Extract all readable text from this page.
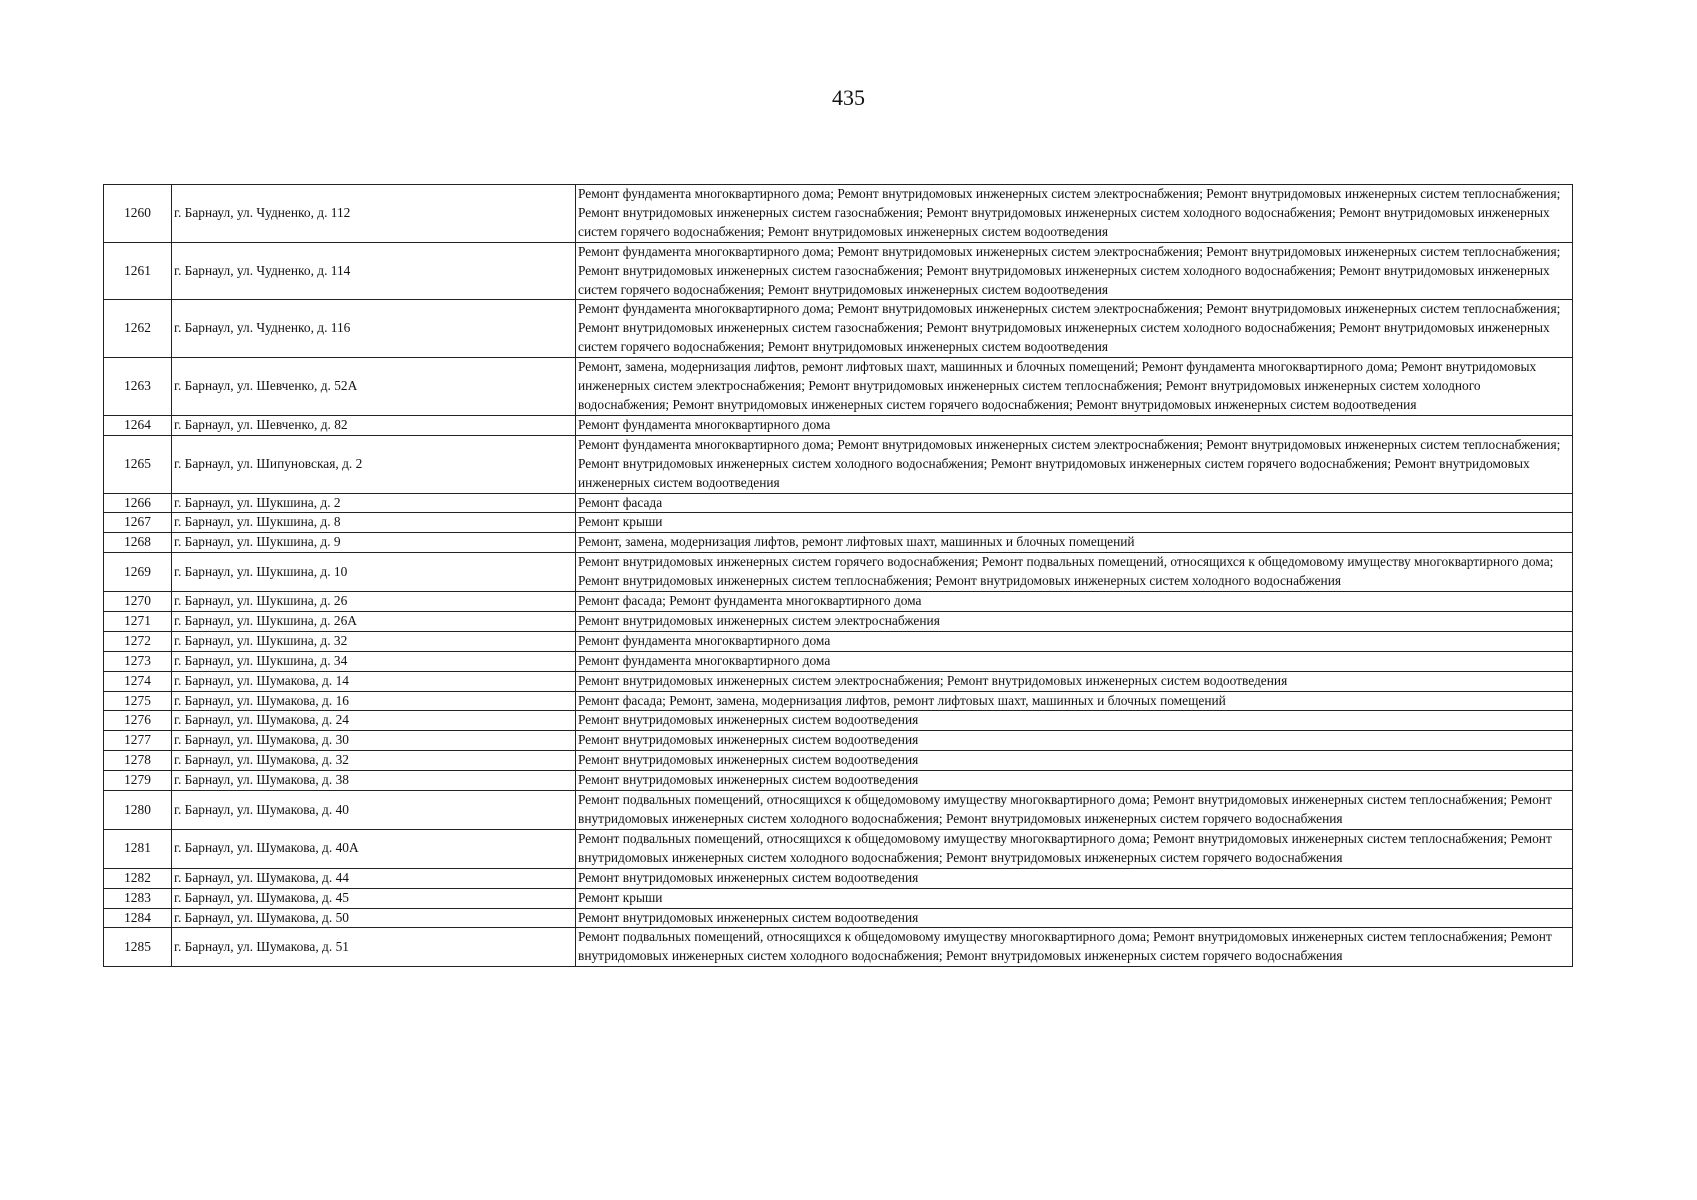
435
1260	г. Барнаул, ул. Чудненко, д. 112	Ремонт фундамента многоквартирного дома; Ремонт внутридомовых инженерных систем электроснабжения; Ремонт внутридомовых инженерных систем теплоснабжения; Ремонт внутридомовых инженерных систем газоснабжения; Ремонт внутридомовых инженерных систем холодного водоснабжения; Ремонт внутридомовых инженерных систем горячего водоснабжения; Ремонт внутридомовых инженерных систем водоотведения
1261	г. Барнаул, ул. Чудненко, д. 114	Ремонт фундамента многоквартирного дома; Ремонт внутридомовых инженерных систем электроснабжения; Ремонт внутридомовых инженерных систем теплоснабжения; Ремонт внутридомовых инженерных систем газоснабжения; Ремонт внутридомовых инженерных систем холодного водоснабжения; Ремонт внутридомовых инженерных систем горячего водоснабжения; Ремонт внутридомовых инженерных систем водоотведения
1262	г. Барнаул, ул. Чудненко, д. 116	Ремонт фундамента многоквартирного дома; Ремонт внутридомовых инженерных систем электроснабжения; Ремонт внутридомовых инженерных систем теплоснабжения; Ремонт внутридомовых инженерных систем газоснабжения; Ремонт внутридомовых инженерных систем холодного водоснабжения; Ремонт внутридомовых инженерных систем горячего водоснабжения; Ремонт внутридомовых инженерных систем водоотведения
1263	г. Барнаул, ул. Шевченко, д. 52А	Ремонт, замена, модернизация лифтов, ремонт лифтовых шахт, машинных и блочных помещений; Ремонт фундамента многоквартирного дома; Ремонт внутридомовых инженерных систем электроснабжения; Ремонт внутридомовых инженерных систем теплоснабжения; Ремонт внутридомовых инженерных систем холодного водоснабжения; Ремонт внутридомовых инженерных систем горячего водоснабжения; Ремонт внутридомовых инженерных систем водоотведения
1264	г. Барнаул, ул. Шевченко, д. 82	Ремонт фундамента многоквартирного дома
1265	г. Барнаул, ул. Шипуновская, д. 2	Ремонт фундамента многоквартирного дома; Ремонт внутридомовых инженерных систем электроснабжения; Ремонт внутридомовых инженерных систем теплоснабжения; Ремонт внутридомовых инженерных систем холодного водоснабжения; Ремонт внутридомовых инженерных систем горячего водоснабжения; Ремонт внутридомовых инженерных систем водоотведения
1266	г. Барнаул, ул. Шукшина, д. 2	Ремонт фасада
1267	г. Барнаул, ул. Шукшина, д. 8	Ремонт крыши
1268	г. Барнаул, ул. Шукшина, д. 9	Ремонт, замена, модернизация лифтов, ремонт лифтовых шахт, машинных и блочных помещений
1269	г. Барнаул, ул. Шукшина, д. 10	Ремонт внутридомовых инженерных систем горячего водоснабжения; Ремонт подвальных помещений, относящихся к общедомовому имуществу многоквартирного дома; Ремонт внутридомовых инженерных систем теплоснабжения; Ремонт внутридомовых инженерных систем холодного водоснабжения
1270	г. Барнаул, ул. Шукшина, д. 26	Ремонт фасада; Ремонт фундамента многоквартирного дома
1271	г. Барнаул, ул. Шукшина, д. 26А	Ремонт внутридомовых инженерных систем электроснабжения
1272	г. Барнаул, ул. Шукшина, д. 32	Ремонт фундамента многоквартирного дома
1273	г. Барнаул, ул. Шукшина, д. 34	Ремонт фундамента многоквартирного дома
1274	г. Барнаул, ул. Шумакова, д. 14	Ремонт внутридомовых инженерных систем электроснабжения; Ремонт внутридомовых инженерных систем водоотведения
1275	г. Барнаул, ул. Шумакова, д. 16	Ремонт фасада; Ремонт, замена, модернизация лифтов, ремонт лифтовых шахт, машинных и блочных помещений
1276	г. Барнаул, ул. Шумакова, д. 24	Ремонт внутридомовых инженерных систем водоотведения
1277	г. Барнаул, ул. Шумакова, д. 30	Ремонт внутридомовых инженерных систем водоотведения
1278	г. Барнаул, ул. Шумакова, д. 32	Ремонт внутридомовых инженерных систем водоотведения
1279	г. Барнаул, ул. Шумакова, д. 38	Ремонт внутридомовых инженерных систем водоотведения
1280	г. Барнаул, ул. Шумакова, д. 40	Ремонт подвальных помещений, относящихся к общедомовому имуществу многоквартирного дома; Ремонт внутридомовых инженерных систем теплоснабжения; Ремонт внутридомовых инженерных систем холодного водоснабжения; Ремонт внутридомовых инженерных систем горячего водоснабжения
1281	г. Барнаул, ул. Шумакова, д. 40А	Ремонт подвальных помещений, относящихся к общедомовому имуществу многоквартирного дома; Ремонт внутридомовых инженерных систем теплоснабжения; Ремонт внутридомовых инженерных систем холодного водоснабжения; Ремонт внутридомовых инженерных систем горячего водоснабжения
1282	г. Барнаул, ул. Шумакова, д. 44	Ремонт внутридомовых инженерных систем водоотведения
1283	г. Барнаул, ул. Шумакова, д. 45	Ремонт крыши
1284	г. Барнаул, ул. Шумакова, д. 50	Ремонт внутридомовых инженерных систем водоотведения
1285	г. Барнаул, ул. Шумакова, д. 51	Ремонт подвальных помещений, относящихся к общедомовому имуществу многоквартирного дома; Ремонт внутридомовых инженерных систем теплоснабжения; Ремонт внутридомовых инженерных систем холодного водоснабжения; Ремонт внутридомовых инженерных систем горячего водоснабжения
